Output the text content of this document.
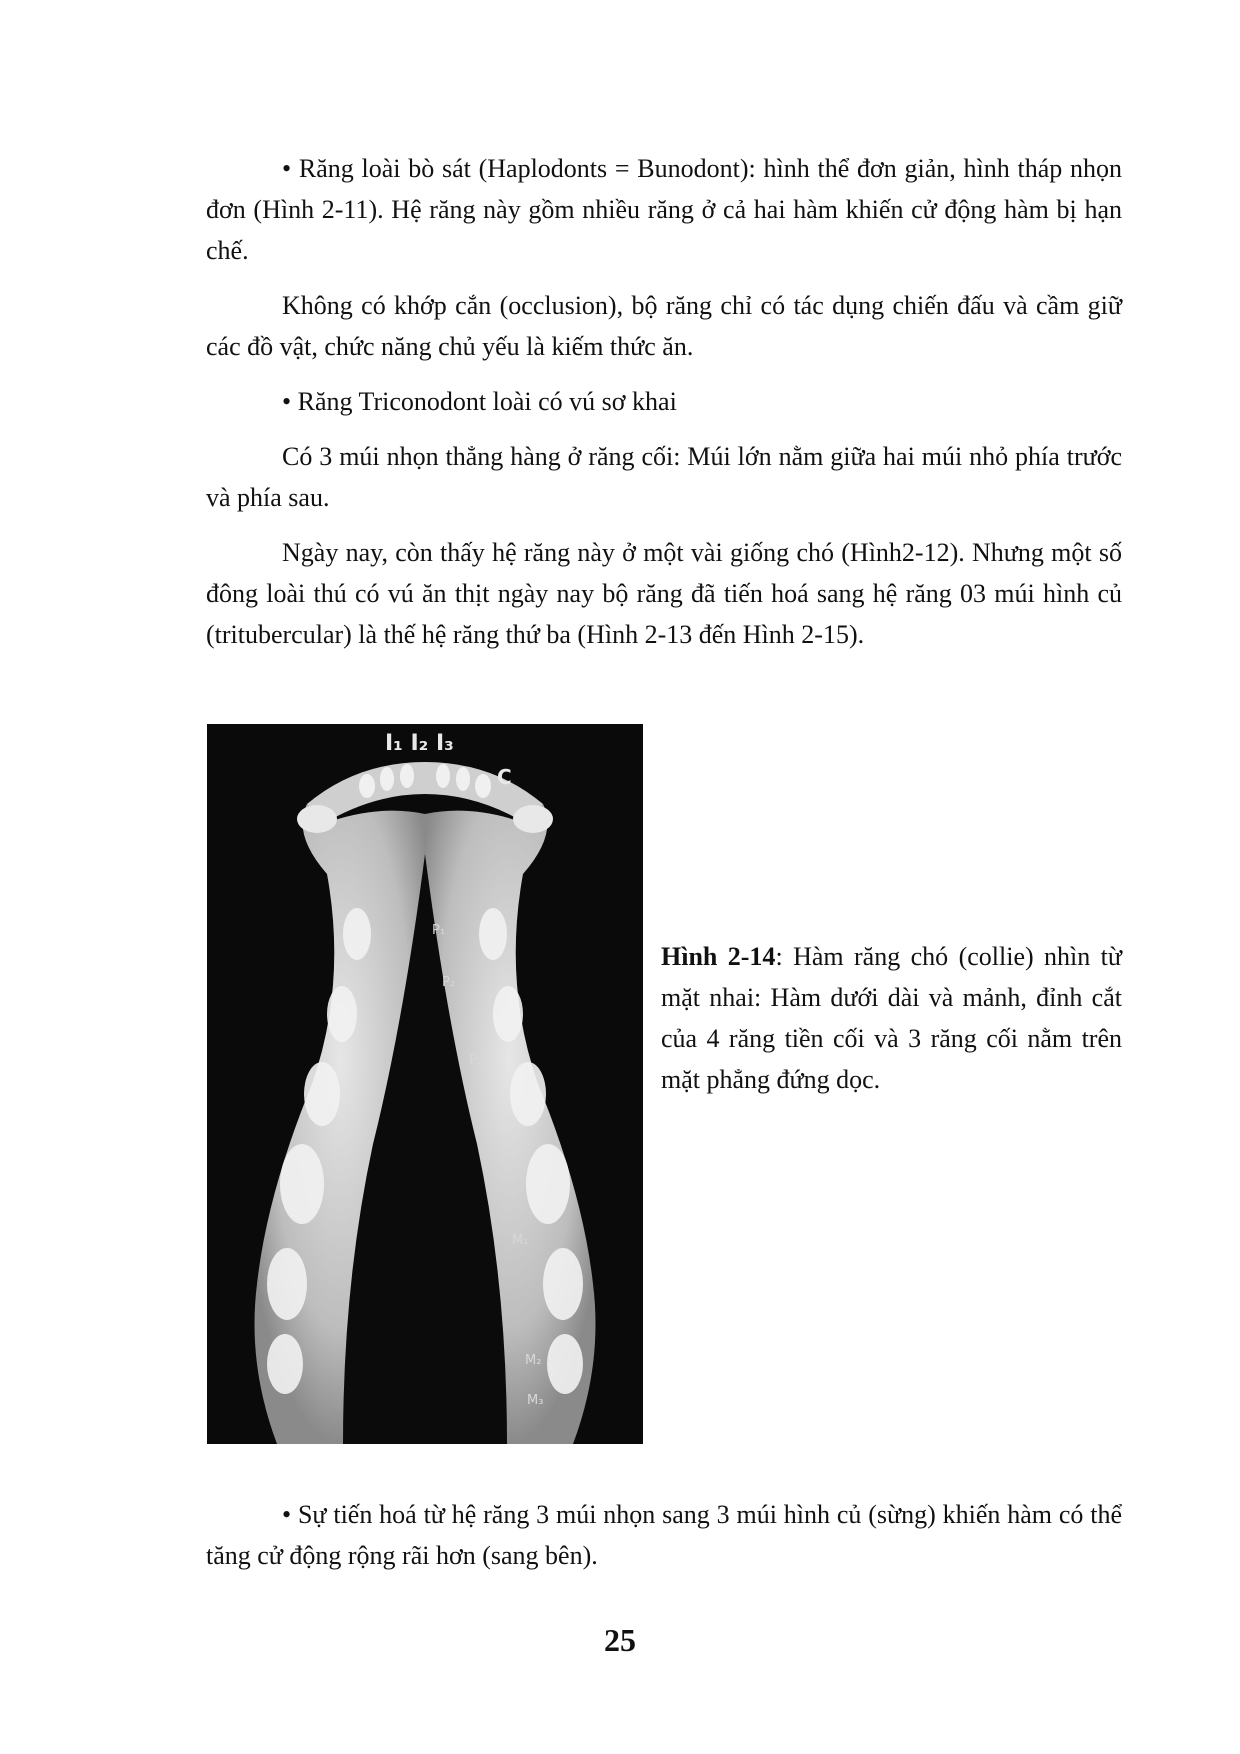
• Răng loài bò sát (Haplodonts = Bunodont): hình thể đơn giản, hình tháp nhọn đơn (Hình 2-11). Hệ răng này gồm nhiều răng ở cả hai hàm khiến cử động hàm bị hạn chế.

Không có khớp cắn (occlusion), bộ răng chỉ có tác dụng chiến đấu và cầm giữ các đồ vật, chức năng chủ yếu là kiếm thức ăn.

• Răng Triconodont loài có vú sơ khai

Có 3 múi nhọn thẳng hàng ở răng cối: Múi lớn nằm giữa hai múi nhỏ phía trước và phía sau.

Ngày nay, còn thấy hệ răng này ở một vài giống chó (Hình2-12). Nhưng một số đông loài thú có vú ăn thịt ngày nay bộ răng đã tiến hoá sang hệ răng 03 múi hình củ (tritubercular) là thế hệ răng thứ ba (Hình 2-13 đến Hình 2-15).

I₁ I₂ I₃
C
P₁
P₂
P₃
P₄
M₁
M₂
M₃
Hình 2-14: Hàm răng chó (collie) nhìn từ mặt nhai: Hàm dưới dài và mảnh, đỉnh cắt của 4 răng tiền cối và 3 răng cối nằm trên mặt phẳng đứng dọc.

• Sự tiến hoá từ hệ răng 3 múi nhọn sang 3 múi hình củ (sừng) khiến hàm có thể tăng cử động rộng rãi hơn (sang bên).

25
